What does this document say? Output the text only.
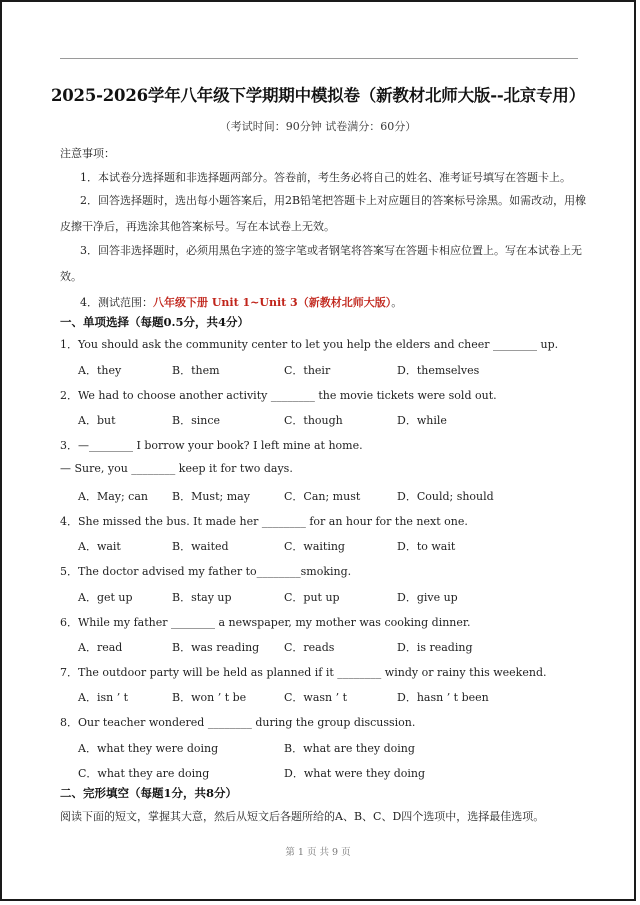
2025-2026学年八年级下学期期中模拟卷（新教材北师大版--北京专用）
（考试时间：90分钟 试卷满分：60分）
注意事项：
1．本试卷分选择题和非选择题两部分。答卷前，考生务必将自己的姓名、准考证号填写在答题卡上。
2．回答选择题时，选出每小题答案后，用2B铅笔把答题卡上对应题目的答案标号涂黑。如需改动，用橡皮擦干净后，再选涂其他答案标号。写在本试卷上无效。
3．回答非选择题时，必须用黑色字迹的签字笔或者钢笔将答案写在答题卡相应位置上。写在本试卷上无效。
4．测试范围：八年级下册 Unit 1~Unit 3（新教材北师大版）。
一、单项选择（每题0.5分，共4分）
1．You should ask the community center to let you help the elders and cheer ________ up.
A．they	B．them	C．their	D．themselves
2．We had to choose another activity ________ the movie tickets were sold out.
A．but	B．since	C．though	D．while
3．—________ I borrow your book? I left mine at home.
— Sure, you ________ keep it for two days.
A．May; can B．Must; may	C．Can; must	D．Could; should
4．She missed the bus. It made her ________ for an hour for the next one.
A．wait	B．waited	C．waiting	D．to wait
5．The doctor advised my father to________smoking.
A．get up	B．stay up	C．put up	D．give up
6．While my father ________ a newspaper, my mother was cooking dinner.
A．read	B．was reading C．reads	D．is reading
7．The outdoor party will be held as planned if it ________ windy or rainy this weekend.
A．isn ’ t	B．won ’ t be	C．wasn ’ t	D．hasn ’ t been
8．Our teacher wondered ________ during the group discussion.
A．what they were doing	B．what are they doing
C．what they are doing	D．what were they doing
二、完形填空（每题1分，共8分）
阅读下面的短文，掌握其大意，然后从短文后各题所给的A、B、C、D四个选项中，选择最佳选项。
第 1 页 共 9 页
